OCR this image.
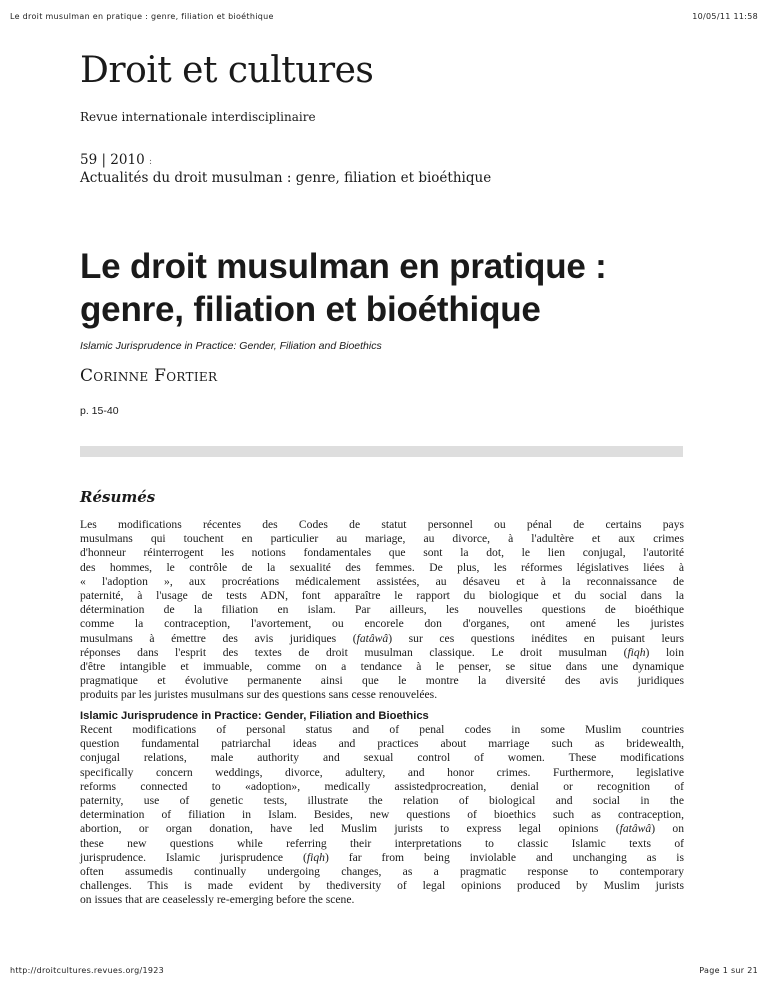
Le droit musulman en pratique : genre, filiation et bioéthique	10/05/11 11:58
Droit et cultures
Revue internationale interdisciplinaire
59 | 2010 :
Actualités du droit musulman : genre, filiation et bioéthique
Le droit musulman en pratique :
genre, filiation et bioéthique
Islamic Jurisprudence in Practice: Gender, Filiation and Bioethics
Corinne Fortier
p. 15-40
Résumés
Les modifications récentes des Codes de statut personnel ou pénal de certains pays
musulmans qui touchent en particulier au mariage, au divorce, à l'adultère et aux crimes
d'honneur réinterrogent les notions fondamentales que sont la dot, le lien conjugal, l'autorité
des hommes, le contrôle de la sexualité des femmes. De plus, les réformes législatives liées à
« l'adoption », aux procréations médicalement assistées, au désaveu et à la reconnaissance de
paternité, à l'usage de tests ADN, font apparaître le rapport du biologique et du social dans la
détermination de la filiation en islam. Par ailleurs, les nouvelles questions de bioéthique
comme la contraception, l'avortement, ou encorele don d'organes, ont amené les juristes
musulmans à émettre des avis juridiques (fatâwâ) sur ces questions inédites en puisant leurs
réponses dans l'esprit des textes de droit musulman classique. Le droit musulman (fiqh) loin
d'être intangible et immuable, comme on a tendance à le penser, se situe dans une dynamique
pragmatique et évolutive permanente ainsi que le montre la diversité des avis juridiques
produits par les juristes musulmans sur des questions sans cesse renouvelées.
Islamic Jurisprudence in Practice: Gender, Filiation and Bioethics
Recent modifications of personal status and of penal codes in some Muslim countries
question fundamental patriarchal ideas and practices about marriage such as bridewealth,
conjugal relations, male authority and sexual control of women. These modifications
specifically concern weddings, divorce, adultery, and honor crimes. Furthermore, legislative
reforms connected to «adoption», medically assistedprocreation, denial or recognition of
paternity, use of genetic tests, illustrate the relation of biological and social in the
determination of filiation in Islam. Besides, new questions of bioethics such as contraception,
abortion, or organ donation, have led Muslim jurists to express legal opinions (fatâwâ) on
these new questions while referring their interpretations to classic Islamic texts of
jurisprudence. Islamic jurisprudence (fiqh) far from being inviolable and unchanging as is
often assumedis continually undergoing changes, as a pragmatic response to contemporary
challenges. This is made evident by thediversity of legal opinions produced by Muslim jurists
on issues that are ceaselessly re-emerging before the scene.
http://droitcultures.revues.org/1923	Page 1 sur 21
